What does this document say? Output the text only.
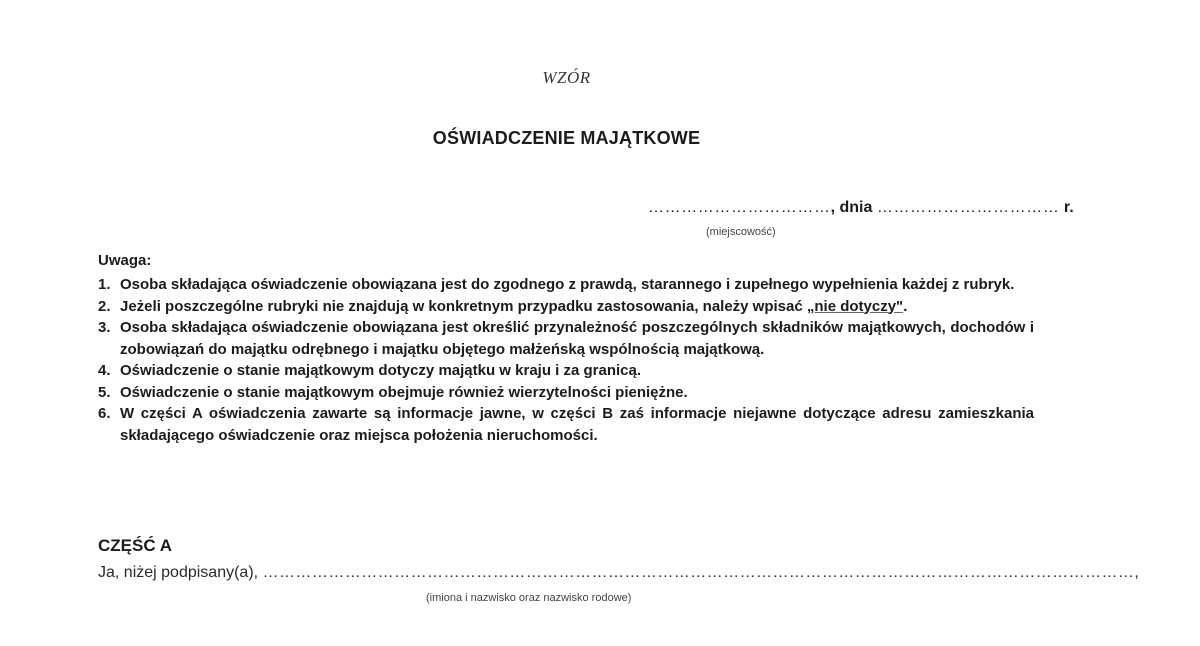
WZÓR
OŚWIADCZENIE MAJĄTKOWE
……………………………, dnia …………………………… r.
(miejscowość)
Uwaga:
1. Osoba składająca oświadczenie obowiązana jest do zgodnego z prawdą, starannego i zupełnego wypełnienia każdej z rubryk.
2. Jeżeli poszczególne rubryki nie znajdują w konkretnym przypadku zastosowania, należy wpisać „nie dotyczy".
3. Osoba składająca oświadczenie obowiązana jest określić przynależność poszczególnych składników majątkowych, dochodów i zobowiązań do majątku odrębnego i majątku objętego małżeńską wspólnością majątkową.
4. Oświadczenie o stanie majątkowym dotyczy majątku w kraju i za granicą.
5. Oświadczenie o stanie majątkowym obejmuje również wierzytelności pieniężne.
6. W części A oświadczenia zawarte są informacje jawne, w części B zaś informacje niejawne dotyczące adresu zamieszkania składającego oświadczenie oraz miejsca położenia nieruchomości.
CZĘŚĆ A
Ja, niżej podpisany(a), ……………………………………………………………………………………………………………………………………………,
(imiona i nazwisko oraz nazwisko rodowe)
